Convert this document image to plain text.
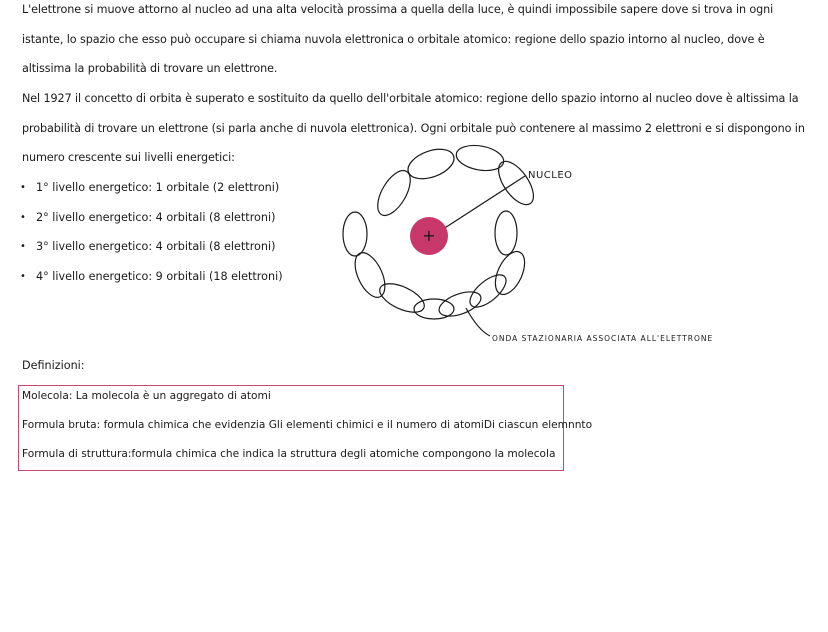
L'elettrone si muove attorno al nucleo ad una alta velocità prossima a quella della luce, è quindi impossibile sapere dove si trova in ogni istante, lo spazio che esso può occupare si chiama nuvola elettronica o orbitale atomico: regione dello spazio intorno al nucleo, dove è altissima la probabilità di trovare un elettrone.
Nel 1927 il concetto di orbita è superato e sostituito da quello dell'orbitale atomico: regione dello spazio intorno al nucleo dove è altissima la probabilità di trovare un elettrone (si parla anche di nuvola elettronica). Ogni orbitale può contenere al massimo 2 elettroni e si dispongono in numero crescente sui livelli energetici:
• 1° livello energetico: 1 orbitale (2 elettroni)
• 2° livello energetico: 4 orbitali (8 elettroni)
• 3° livello energetico: 4 orbitali (8 elettroni)
• 4° livello energetico: 9 orbitali (18 elettroni)
+
NUCLEO
ONDA STAZIONARIA ASSOCIATA ALL'ELETTRONE
Definizioni:
Molecola: La molecola è un aggregato di atomi
Formula bruta: formula chimica che evidenzia Gli elementi chimici e il numero di atomiDi ciascun elemnnto
Formula di struttura:formula chimica che indica la struttura degli atomiche compongono la molecola
